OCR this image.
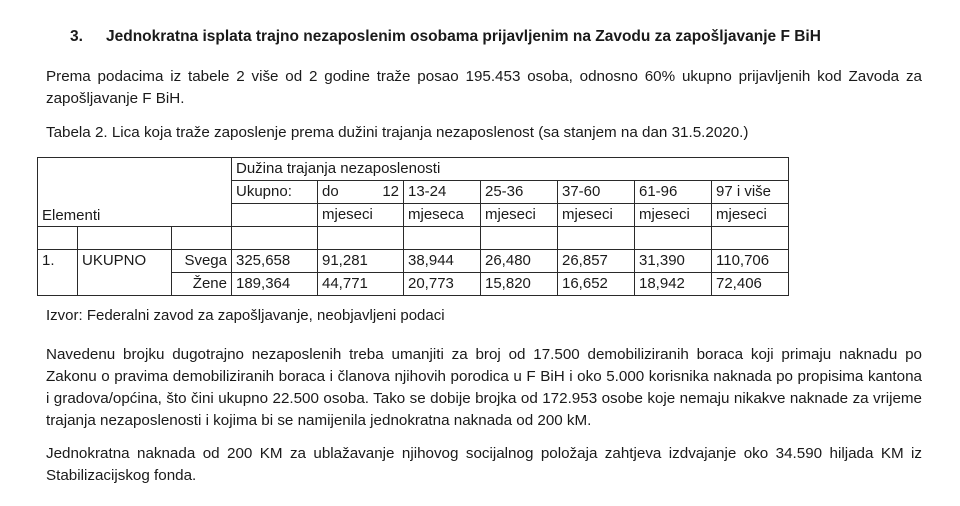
3. Jednokratna isplata trajno nezaposlenim osobama prijavljenim na Zavodu za zapošljavanje F BiH
Prema podacima iz tabele 2 više od 2 godine traže posao 195.453 osoba, odnosno 60% ukupno prijavljenih kod Zavoda za zapošljavanje F BiH.
Tabela 2. Lica koja traže zaposlenje prema dužini trajanja nezaposlenost (sa stanjem na dan 31.5.2020.)
Elementi			Dužina trajanja nezaposlenosti						
			Ukupno:	do 12	13-24	25-36	37-60	61-96	97 i više
				mjeseci	mjeseca	mjeseci	mjeseci	mjeseci	mjeseci

1.	UKUPNO	Svega	325,658	91,281	38,944	26,480	26,857	31,390	110,706
		Žene	189,364	44,771	20,773	15,820	16,652	18,942	72,406
Izvor: Federalni zavod za zapošljavanje, neobjavljeni podaci
Navedenu brojku dugotrajno nezaposlenih treba umanjiti za broj od 17.500 demobiliziranih boraca koji primaju naknadu po Zakonu o pravima demobiliziranih boraca i članova njihovih porodica u F BiH i oko 5.000 korisnika naknada po propisima kantona i gradova/općina, što čini ukupno 22.500 osoba. Tako se dobije brojka od 172.953 osobe koje nemaju nikakve naknade za vrijeme trajanja nezaposlenosti i kojima bi se namijenila jednokratna naknada od 200 kM.
Jednokratna naknada od 200 KM za ublažavanje njihovog socijalnog položaja zahtjeva izdvajanje oko 34.590 hiljada KM iz Stabilizacijskog fonda.
